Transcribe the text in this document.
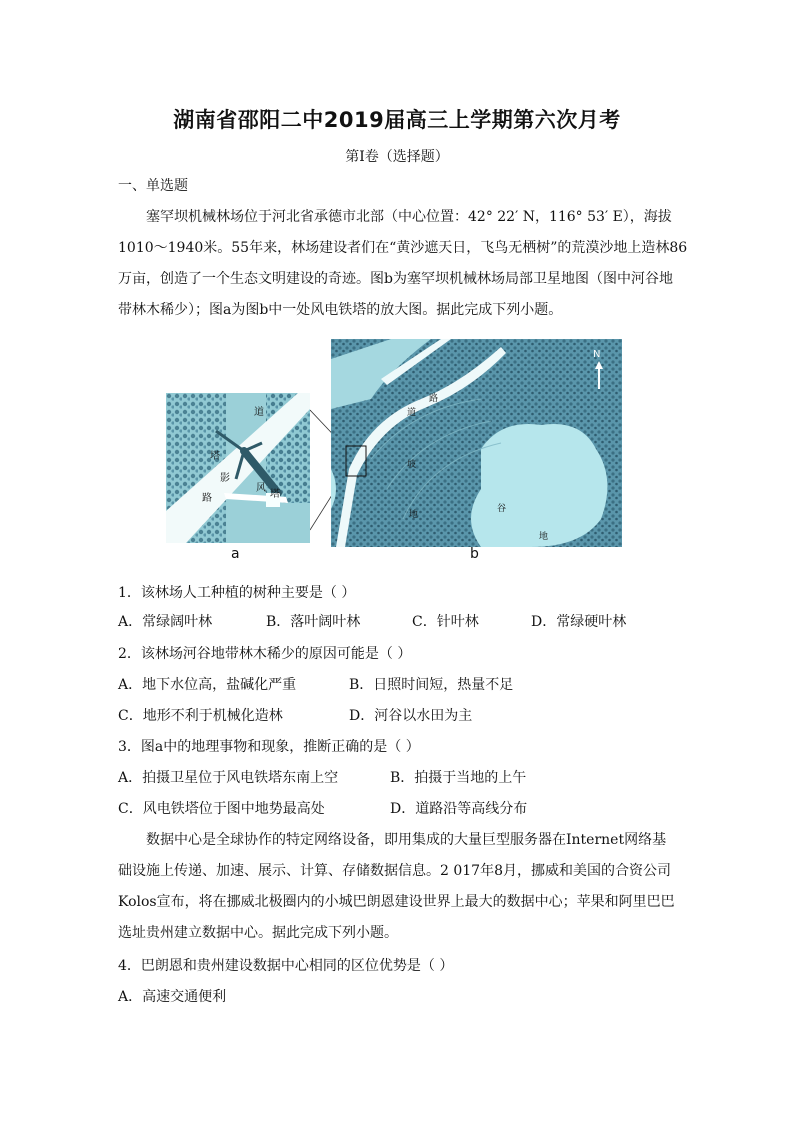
湖南省邵阳二中2019届高三上学期第六次月考
第Ⅰ卷（选择题）
一、单选题
塞罕坝机械林场位于河北省承德市北部（中心位置：42° 22′ N，116° 53′ E），海拔
1010～1940米。55年来，林场建设者们在“黄沙遮天日，飞鸟无栖树”的荒漠沙地上造林86
万亩，创造了一个生态文明建设的奇迹。图b为塞罕坝机械林场局部卫星地图（图中河谷地
带林木稀少）；图a为图b中一处风电铁塔的放大图。据此完成下列小题。
道
塔
影
路
风
塔
道
路
坡
地
谷
地
N
a	b
1．该林场人工种植的树种主要是（ ）
A．常绿阔叶林	B．落叶阔叶林	C．针叶林	D．常绿硬叶林
2．该林场河谷地带林木稀少的原因可能是（ ）
A．地下水位高，盐碱化严重	B．日照时间短，热量不足
C．地形不利于机械化造林	D．河谷以水田为主
3．图a中的地理事物和现象，推断正确的是（ ）
A．拍摄卫星位于风电铁塔东南上空	B．拍摄于当地的上午
C．风电铁塔位于图中地势最高处	D．道路沿等高线分布
数据中心是全球协作的特定网络设备，即用集成的大量巨型服务器在Internet网络基
础设施上传递、加速、展示、计算、存储数据信息。2 017年8月，挪威和美国的合资公司
Kolos宣布，将在挪威北极圈内的小城巴朗恩建设世界上最大的数据中心；苹果和阿里巴巴
选址贵州建立数据中心。据此完成下列小题。
4．巴朗恩和贵州建设数据中心相同的区位优势是（ ）
A．高速交通便利
